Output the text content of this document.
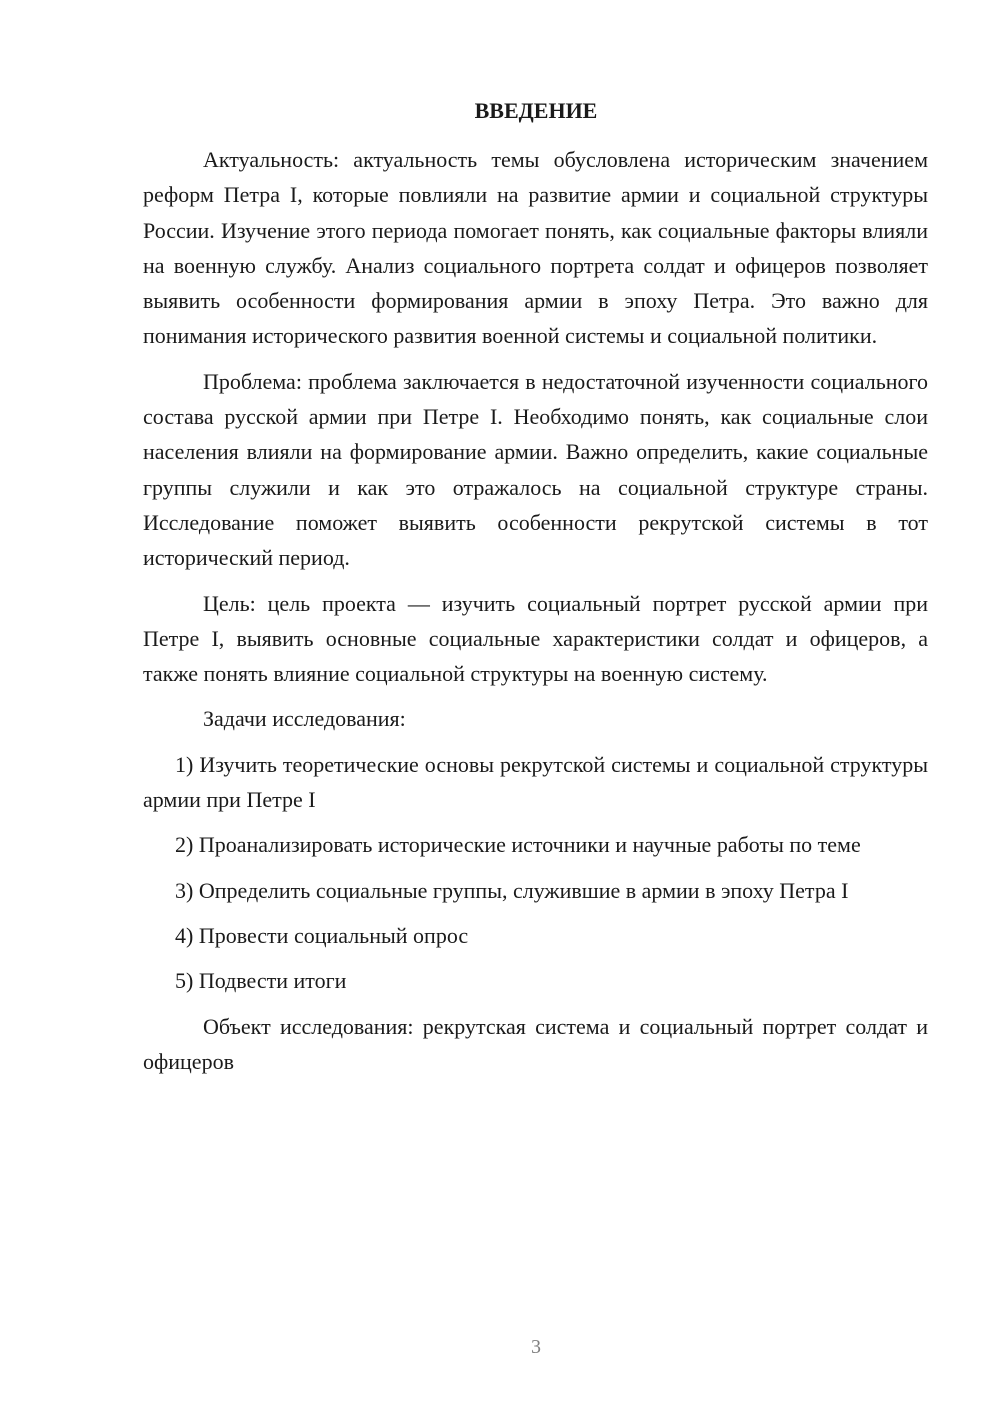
ВВЕДЕНИЕ

Актуальность: актуальность темы обусловлена историческим значением реформ Петра I, которые повлияли на развитие армии и социальной структуры России. Изучение этого периода помогает понять, как социальные факторы влияли на военную службу. Анализ социального портрета солдат и офицеров позволяет выявить особенности формирования армии в эпоху Петра. Это важно для понимания исторического развития военной системы и социальной политики.

Проблема: проблема заключается в недостаточной изученности социального состава русской армии при Петре I. Необходимо понять, как социальные слои населения влияли на формирование армии. Важно определить, какие социальные группы служили и как это отражалось на социальной структуре страны. Исследование поможет выявить особенности рекрутской системы в тот исторический период.

Цель: цель проекта — изучить социальный портрет русской армии при Петре I, выявить основные социальные характеристики солдат и офицеров, а также понять влияние социальной структуры на военную систему.

Задачи исследования:

1) Изучить теоретические основы рекрутской системы и социальной структуры армии при Петре I

2) Проанализировать исторические источники и научные работы по теме

3) Определить социальные группы, служившие в армии в эпоху Петра I

4) Провести социальный опрос

5) Подвести итоги

Объект исследования: рекрутская система и социальный портрет солдат и офицеров

3
